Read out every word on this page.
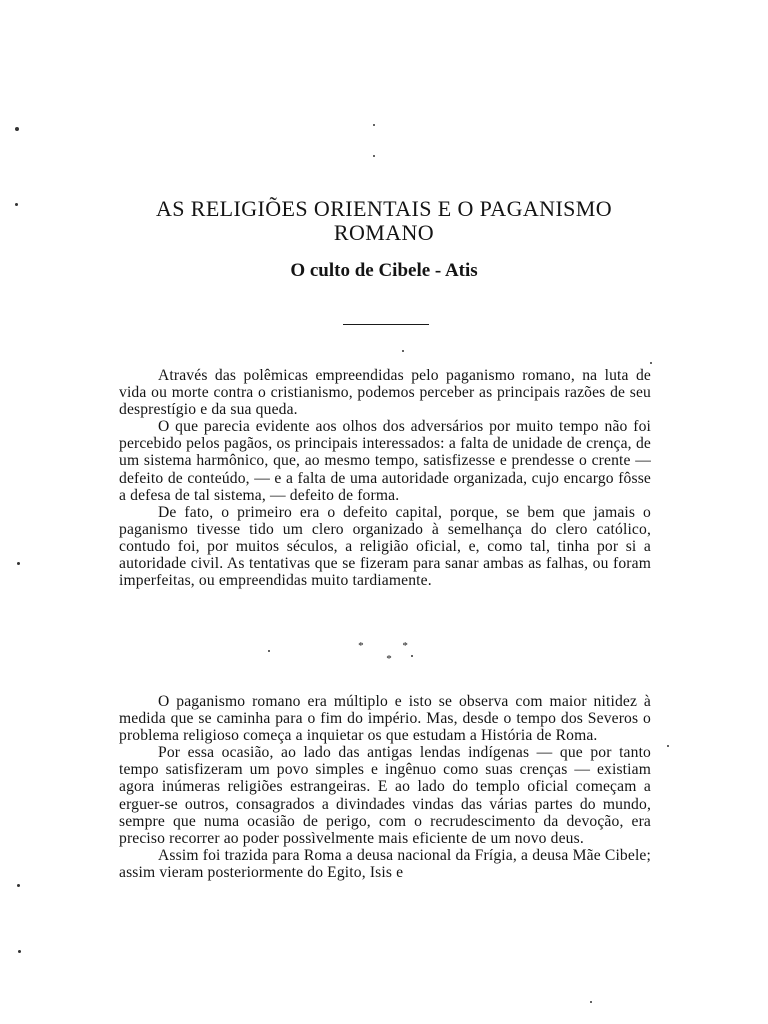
AS RELIGIÕES ORIENTAIS E O PAGANISMO
ROMANO
O culto de Cibele - Atis

Através das polêmicas empreendidas pelo paganismo romano, na luta de vida ou morte contra o cristianismo, podemos perceber as principais razões de seu desprestígio e da sua queda.

O que parecia evidente aos olhos dos adversários por muito tempo não foi percebido pelos pagãos, os principais interessados: a falta de unidade de crença, de um sistema harmônico, que, ao mesmo tempo, satisfizesse e prendesse o crente — defeito de conteúdo, — e a falta de uma autoridade organizada, cujo encargo fôsse a defesa de tal sistema, — defeito de forma.

De fato, o primeiro era o defeito capital, porque, se bem que jamais o paganismo tivesse tido um clero organizado à semelhança do clero católico, contudo foi, por muitos séculos, a religião oficial, e, como tal, tinha por si a autoridade civil. As tentativas que se fizeram para sanar ambas as falhas, ou foram imperfeitas, ou empreendidas muito tardiamente.

* *
*

O paganismo romano era múltiplo e isto se observa com maior nitidez à medida que se caminha para o fim do império. Mas, desde o tempo dos Severos o problema religioso começa a inquietar os que estudam a História de Roma.

Por essa ocasião, ao lado das antigas lendas indígenas — que por tanto tempo satisfizeram um povo simples e ingênuo como suas crenças — existiam agora inúmeras religiões estrangeiras. E ao lado do templo oficial começam a erguer-se outros, consagrados a divindades vindas das várias partes do mundo, sempre que numa ocasião de perigo, com o recrudescimento da devoção, era preciso recorrer ao poder possìvelmente mais eficiente de um novo deus.

Assim foi trazida para Roma a deusa nacional da Frígia, a deusa Mãe Cibele; assim vieram posteriormente do Egito, Isis e
